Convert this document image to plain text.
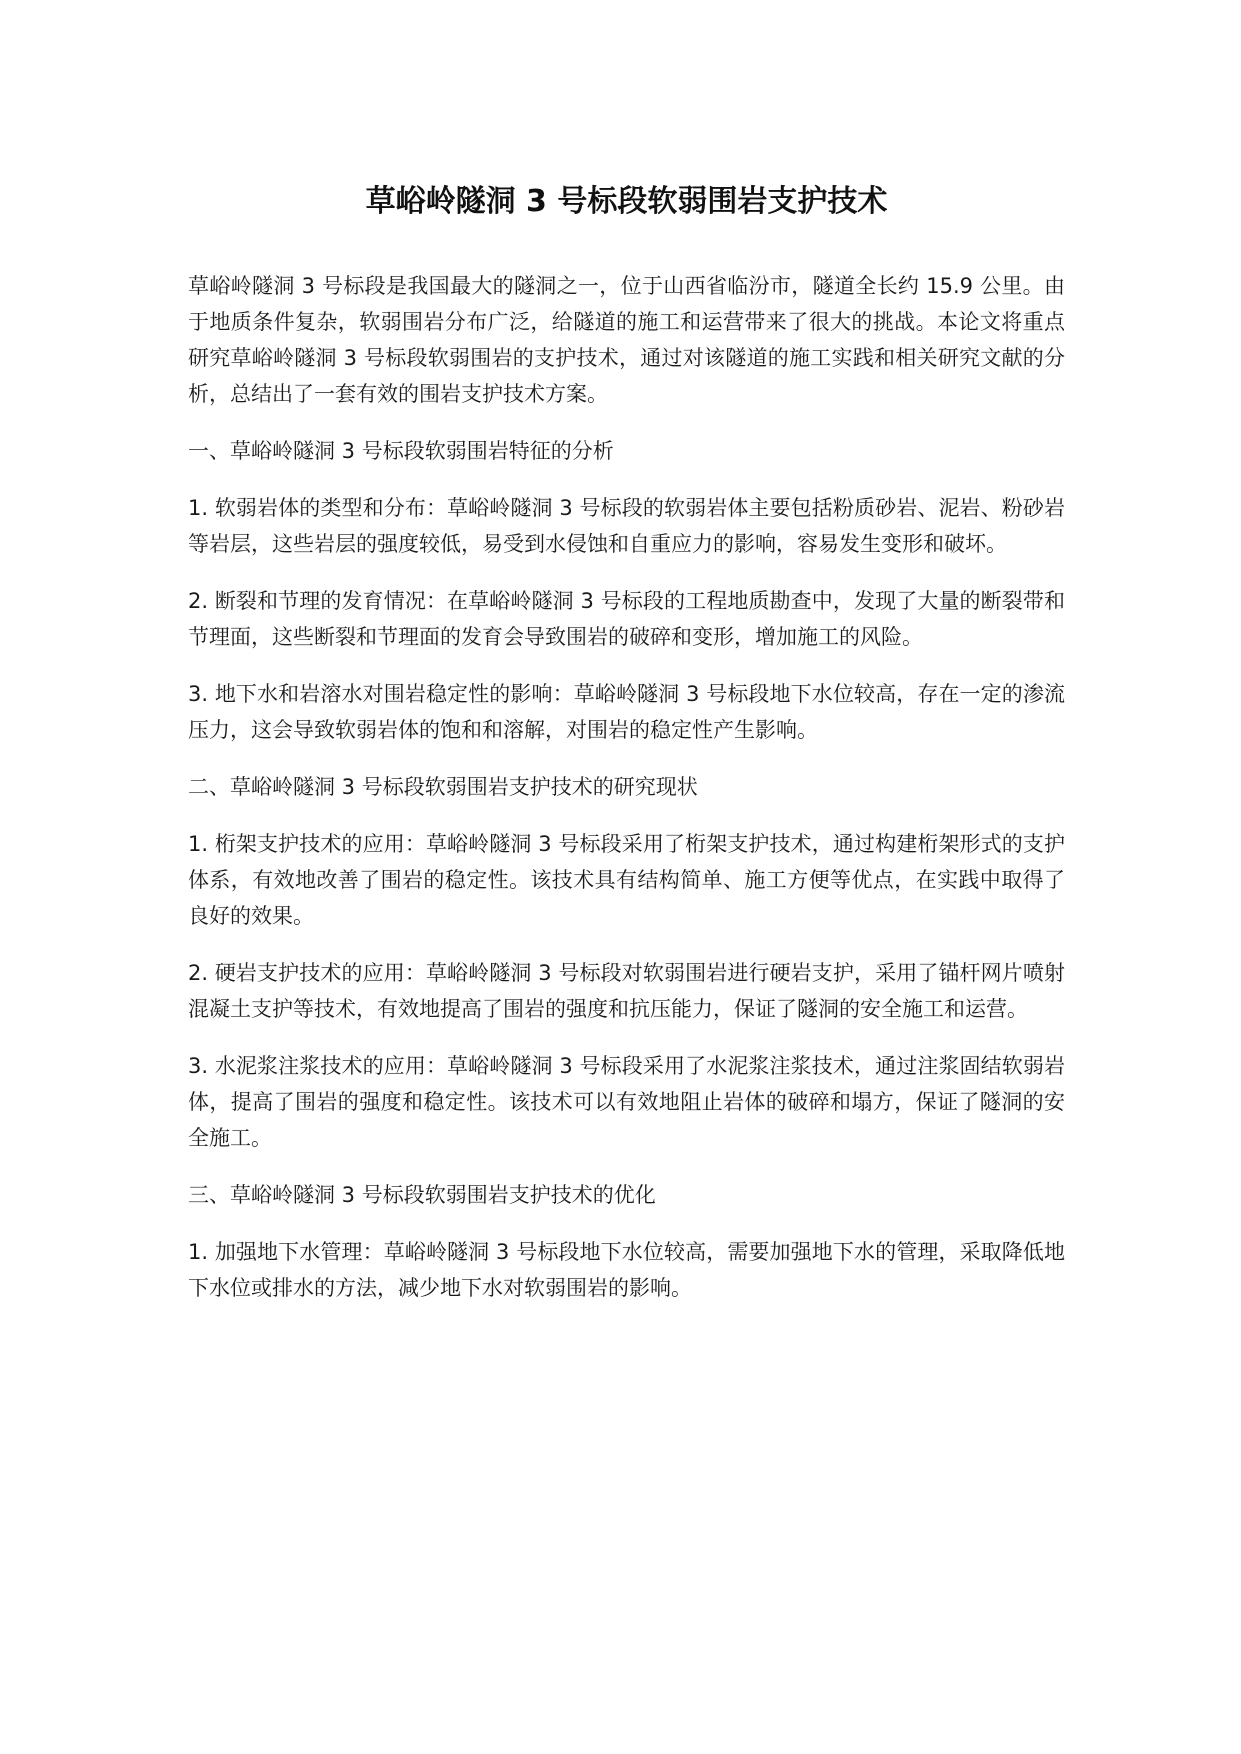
草峪岭隧洞 3 号标段软弱围岩支护技术

草峪岭隧洞 3 号标段是我国最大的隧洞之一，位于山西省临汾市，隧道全长约 15.9 公里。由于地质条件复杂，软弱围岩分布广泛，给隧道的施工和运营带来了很大的挑战。本论文将重点研究草峪岭隧洞 3 号标段软弱围岩的支护技术，通过对该隧道的施工实践和相关研究文献的分析，总结出了一套有效的围岩支护技术方案。

一、草峪岭隧洞 3 号标段软弱围岩特征的分析

1. 软弱岩体的类型和分布：草峪岭隧洞 3 号标段的软弱岩体主要包括粉质砂岩、泥岩、粉砂岩等岩层，这些岩层的强度较低，易受到水侵蚀和自重应力的影响，容易发生变形和破坏。

2. 断裂和节理的发育情况：在草峪岭隧洞 3 号标段的工程地质勘查中，发现了大量的断裂带和节理面，这些断裂和节理面的发育会导致围岩的破碎和变形，增加施工的风险。

3. 地下水和岩溶水对围岩稳定性的影响：草峪岭隧洞 3 号标段地下水位较高，存在一定的渗流压力，这会导致软弱岩体的饱和和溶解，对围岩的稳定性产生影响。

二、草峪岭隧洞 3 号标段软弱围岩支护技术的研究现状

1. 桁架支护技术的应用：草峪岭隧洞 3 号标段采用了桁架支护技术，通过构建桁架形式的支护体系，有效地改善了围岩的稳定性。该技术具有结构简单、施工方便等优点，在实践中取得了良好的效果。

2. 硬岩支护技术的应用：草峪岭隧洞 3 号标段对软弱围岩进行硬岩支护，采用了锚杆网片喷射混凝土支护等技术，有效地提高了围岩的强度和抗压能力，保证了隧洞的安全施工和运营。

3. 水泥浆注浆技术的应用：草峪岭隧洞 3 号标段采用了水泥浆注浆技术，通过注浆固结软弱岩体，提高了围岩的强度和稳定性。该技术可以有效地阻止岩体的破碎和塌方，保证了隧洞的安全施工。

三、草峪岭隧洞 3 号标段软弱围岩支护技术的优化

1. 加强地下水管理：草峪岭隧洞 3 号标段地下水位较高，需要加强地下水的管理，采取降低地下水位或排水的方法，减少地下水对软弱围岩的影响。
